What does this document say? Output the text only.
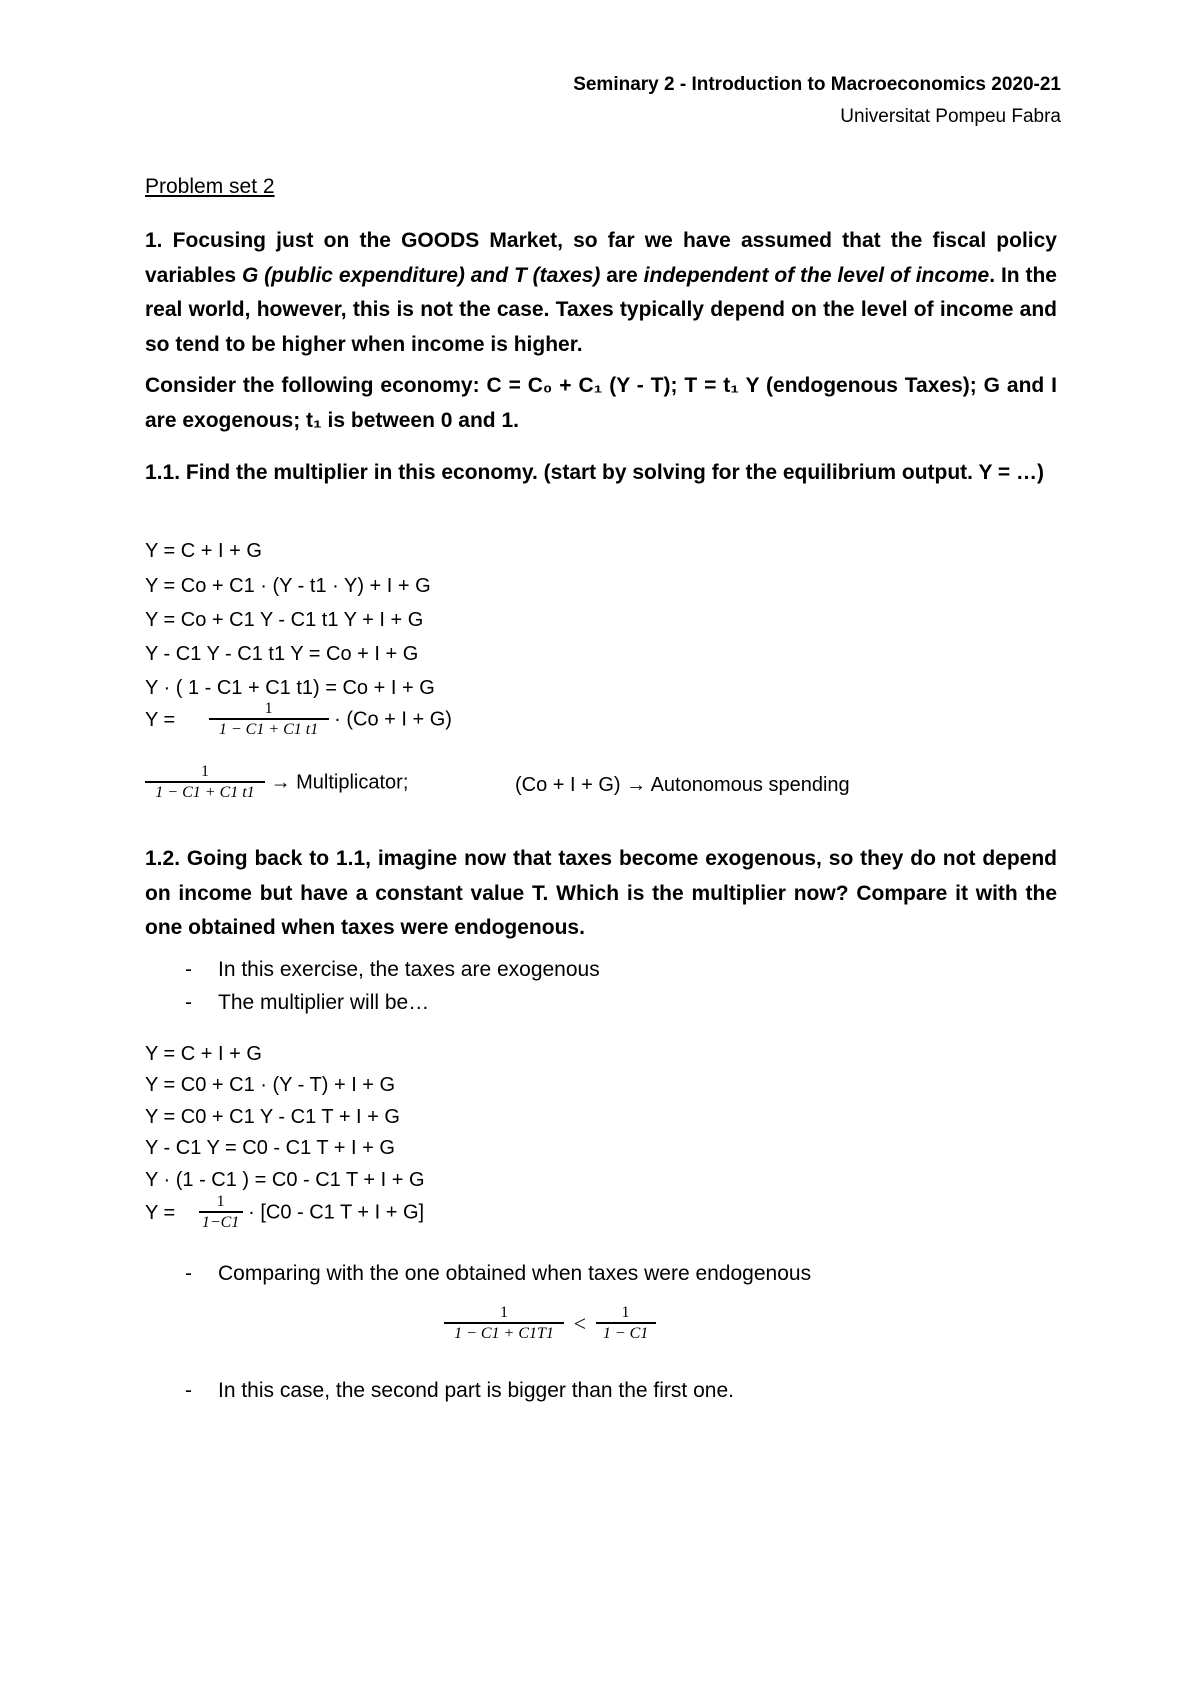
Seminary 2 - Introduction to Macroeconomics 2020-21
Universitat Pompeu Fabra
Problem set 2
1. Focusing just on the GOODS Market, so far we have assumed that the fiscal policy variables G (public expenditure) and T (taxes) are independent of the level of income. In the real world, however, this is not the case. Taxes typically depend on the level of income and so tend to be higher when income is higher.
Consider the following economy: C = C₀ + C₁ (Y - T); T = t₁ Y (endogenous Taxes); G and I are exogenous; t₁ is between 0 and 1.
1.1. Find the multiplier in this economy. (start by solving for the equilibrium output. Y = …)
Y = C + I + G
Y = Co + C1 · (Y - t1 · Y) + I + G
Y = Co + C1 Y - C1 t1 Y + I + G
Y - C1 Y - C1 t1 Y = Co + I + G
Y · ( 1 - C1 + C1 t1) = Co + I + G
$Y = \frac{1}{1 - C1 + C1 t1} \cdot (Co + I + G)$
$\frac{1}{1 - C1 + C1 t1}$ → Multiplicator;	(Co + I + G) → Autonomous spending
1.2. Going back to 1.1, imagine now that taxes become exogenous, so they do not depend on income but have a constant value T. Which is the multiplier now? Compare it with the one obtained when taxes were endogenous.
- In this exercise, the taxes are exogenous
- The multiplier will be…
Y = C + I + G
Y = C0 + C1 · (Y - T) + I + G
Y = C0 + C1 Y - C1 T + I + G
Y - C1 Y = C0 - C1 T + I + G
Y · (1 - C1 ) = C0 - C1 T + I + G
$Y = \frac{1}{1-C1} \cdot [C0 - C1$ T + I + G]
- Comparing with the one obtained when taxes were endogenous
$\frac{1}{1 - C1 + C1T1} < \frac{1}{1 - C1}$
- In this case, the second part is bigger than the first one.
